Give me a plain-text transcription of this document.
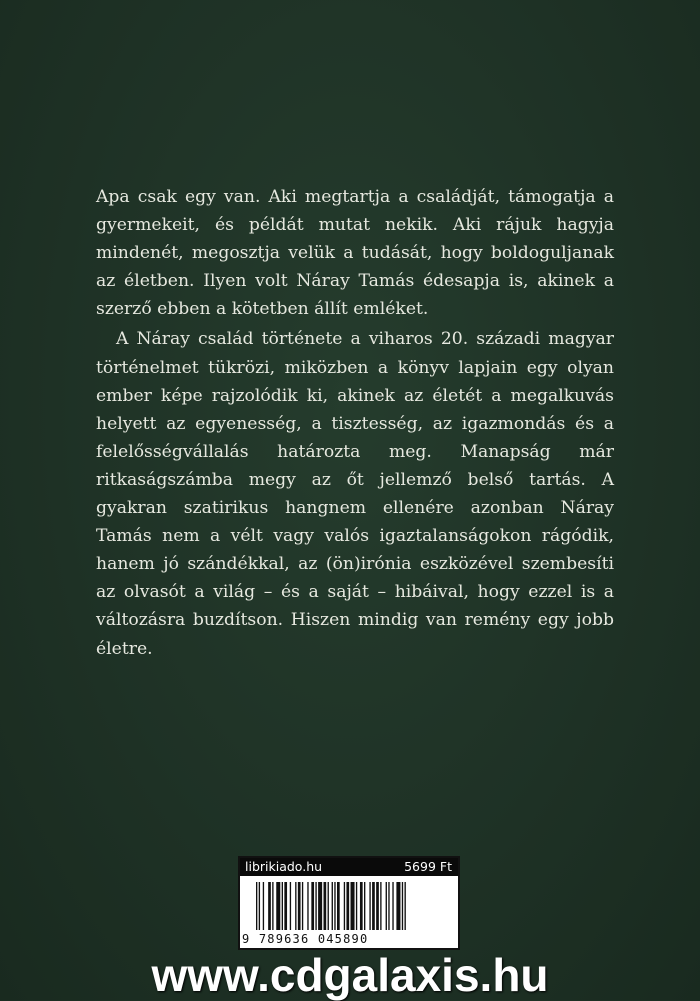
Apa csak egy van. Aki megtartja a családját, támogatja a gyermekeit, és példát mutat nekik. Aki rájuk hagyja mindenét, megosztja velük a tudását, hogy boldoguljanak az életben. Ilyen volt Náray Tamás édesapja is, akinek a szerző ebben a kötetben állít emléket.

A Náray család története a viharos 20. századi magyar történelmet tükrözi, miközben a könyv lapjain egy olyan ember képe rajzolódik ki, akinek az életét a megalkuvás helyett az egyenesség, a tisztesség, az igazmondás és a felelősségvállalás határozta meg. Manapság már ritkaságszámba megy az őt jellemző belső tartás. A gyakran szatirikus hangnem ellenére azonban Náray Tamás nem a vélt vagy valós igaztalanságokon rágódik, hanem jó szándékkal, az (ön)irónia eszközével szembesíti az olvasót a világ – és a saját – hibáival, hogy ezzel is a változásra buzdítson. Hiszen mindig van remény egy jobb életre.

librikiado.hu	5699 Ft
9 789636 045890
www.cdgalaxis.hu
